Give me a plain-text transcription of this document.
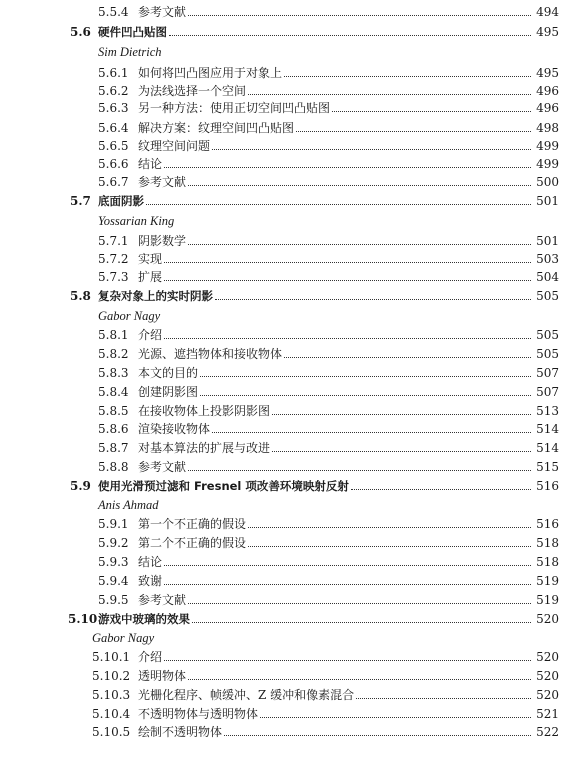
5.5.4 参考文献	494
5.6 硬件凹凸贴图	495
Sim Dietrich
5.6.1 如何将凹凸图应用于对象上	495
5.6.2 为法线选择一个空间	496
5.6.3 另一种方法：使用正切空间凹凸贴图	496
5.6.4 解决方案：纹理空间凹凸贴图	498
5.6.5 纹理空间问题	499
5.6.6 结论	499
5.6.7 参考文献	500
5.7 底面阴影	501
Yossarian King
5.7.1 阴影数学	501
5.7.2 实现	503
5.7.3 扩展	504
5.8 复杂对象上的实时阴影	505
Gabor Nagy
5.8.1 介绍	505
5.8.2 光源、遮挡物体和接收物体	505
5.8.3 本文的目的	507
5.8.4 创建阴影图	507
5.8.5 在接收物体上投影阴影图	513
5.8.6 渲染接收物体	514
5.8.7 对基本算法的扩展与改进	514
5.8.8 参考文献	515
5.9 使用光滑预过滤和 Fresnel 项改善环境映射反射	516
Anis Ahmad
5.9.1 第一个不正确的假设	516
5.9.2 第二个不正确的假设	518
5.9.3 结论	518
5.9.4 致谢	519
5.9.5 参考文献	519
5.10 游戏中玻璃的效果	520
Gabor Nagy
5.10.1 介绍	520
5.10.2 透明物体	520
5.10.3 光栅化程序、帧缓冲、Z 缓冲和像素混合	520
5.10.4 不透明物体与透明物体	521
5.10.5 绘制不透明物体	522
